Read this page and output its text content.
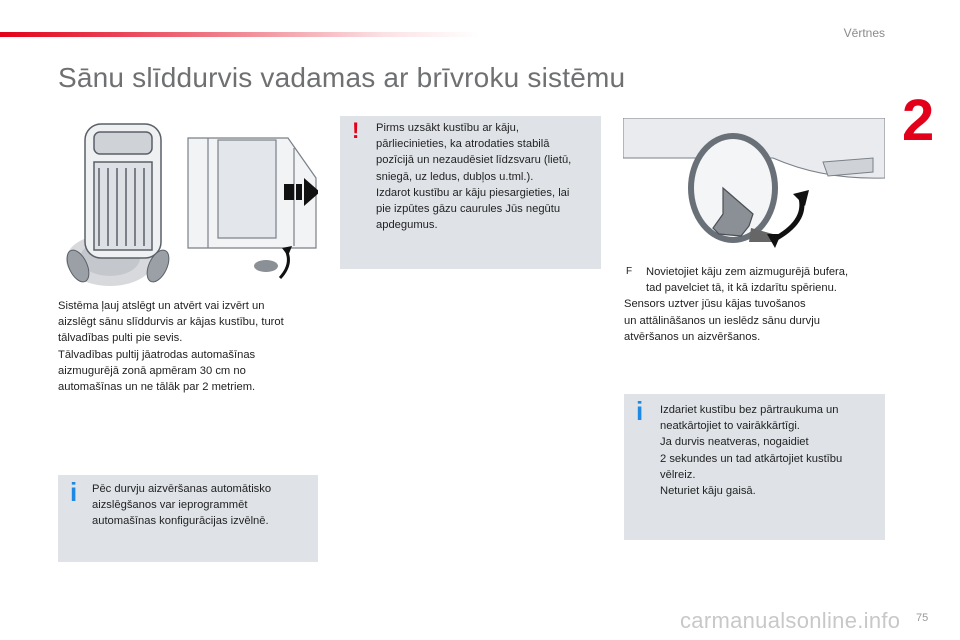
Vērtnes
2
Sānu slīddurvis vadamas ar brīvroku sistēmu
! Pirms uzsākt kustību ar kāju,

pārliecinieties, ka atrodaties stabilā

pozīcijā un nezaudēsiet līdzsvaru (lietū,

sniegā, uz ledus, dubļos u.tml.).

Izdarot kustību ar kāju piesargieties, lai

pie izpūtes gāzu caurules Jūs negūtu

apdegumus.

Sistēma ļauj atslēgt un atvērt vai izvērt un

aizslēgt sānu slīddurvis ar kājas kustību, turot

tālvadības pulti pie sevis.

Tālvadības pultij jāatrodas automašīnas

aizmugurējā zonā apmēram 30 cm no

automašīnas un ne tālāk par 2 metriem.

F Novietojiet kāju zem aizmugurējā bufera,

tad pavelciet tā, it kā izdarītu spērienu.

Sensors uztver jūsu kājas tuvošanos

un attālināšanos un ieslēdz sānu durvju

atvēršanos un aizvēršanos.

i Izdariet kustību bez pārtraukuma un

neatkārtojiet to vairākkārtīgi.

Ja durvis neatveras, nogaidiet

2 sekundes un tad atkārtojiet kustību

vēlreiz.

Neturiet kāju gaisā.

i Pēc durvju aizvēršanas automātisko

aizslēgšanos var ieprogrammēt

automašīnas konfigurācijas izvēlnē.

carmanualsonline.info 75
